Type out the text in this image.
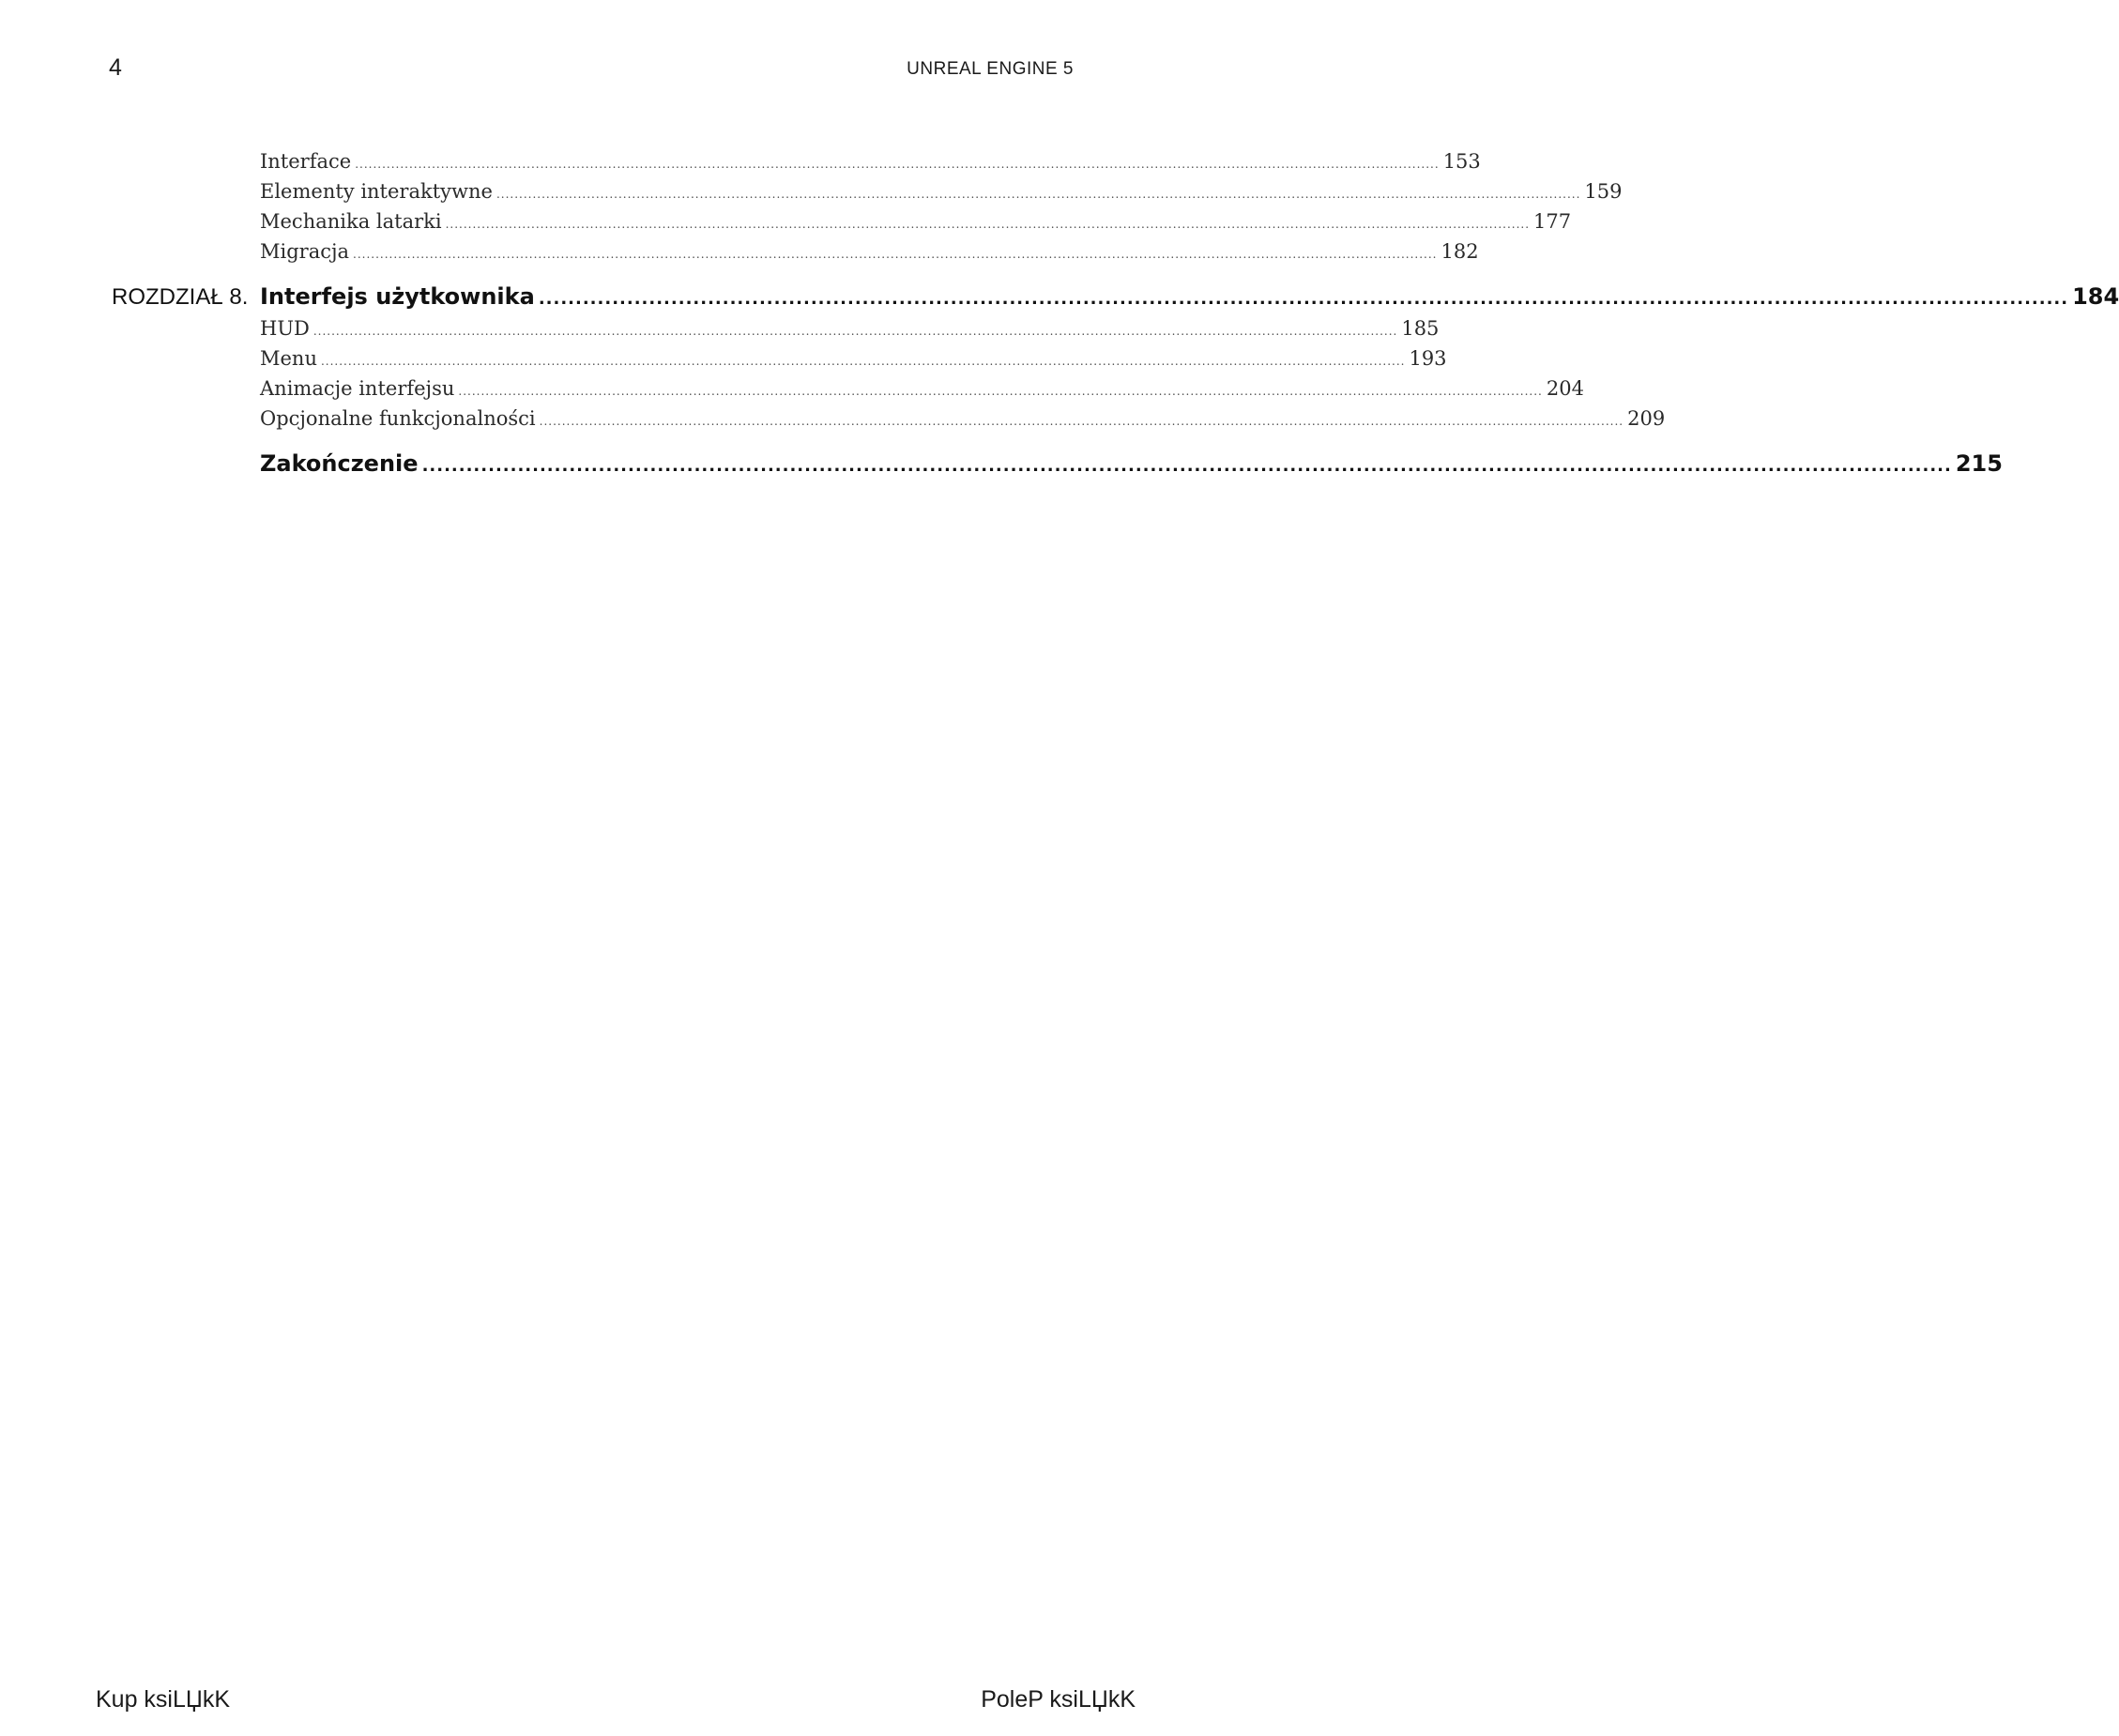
4	UNREAL ENGINE 5
Interface ................................................................................................................................................................................................................................................ 153
Elementy interaktywne ................................................................................................................................................................................................................................................ 159
Mechanika latarki ................................................................................................................................................................................................................................................ 177
Migracja ................................................................................................................................................................................................................................................ 182
ROZDZIAŁ 8. Interfejs użytkownika ................................................................................................................................................................................................................ 184
HUD ................................................................................................................................................................................................................................................ 185
Menu ................................................................................................................................................................................................................................................ 193
Animacje interfejsu ................................................................................................................................................................................................................................................ 204
Opcjonalne funkcjonalności ................................................................................................................................................................................................................................................ 209
Zakończenie ................................................................................................................................................................................................................ 215
Kup ksiLЏkK	PoleP ksiLЏkK
